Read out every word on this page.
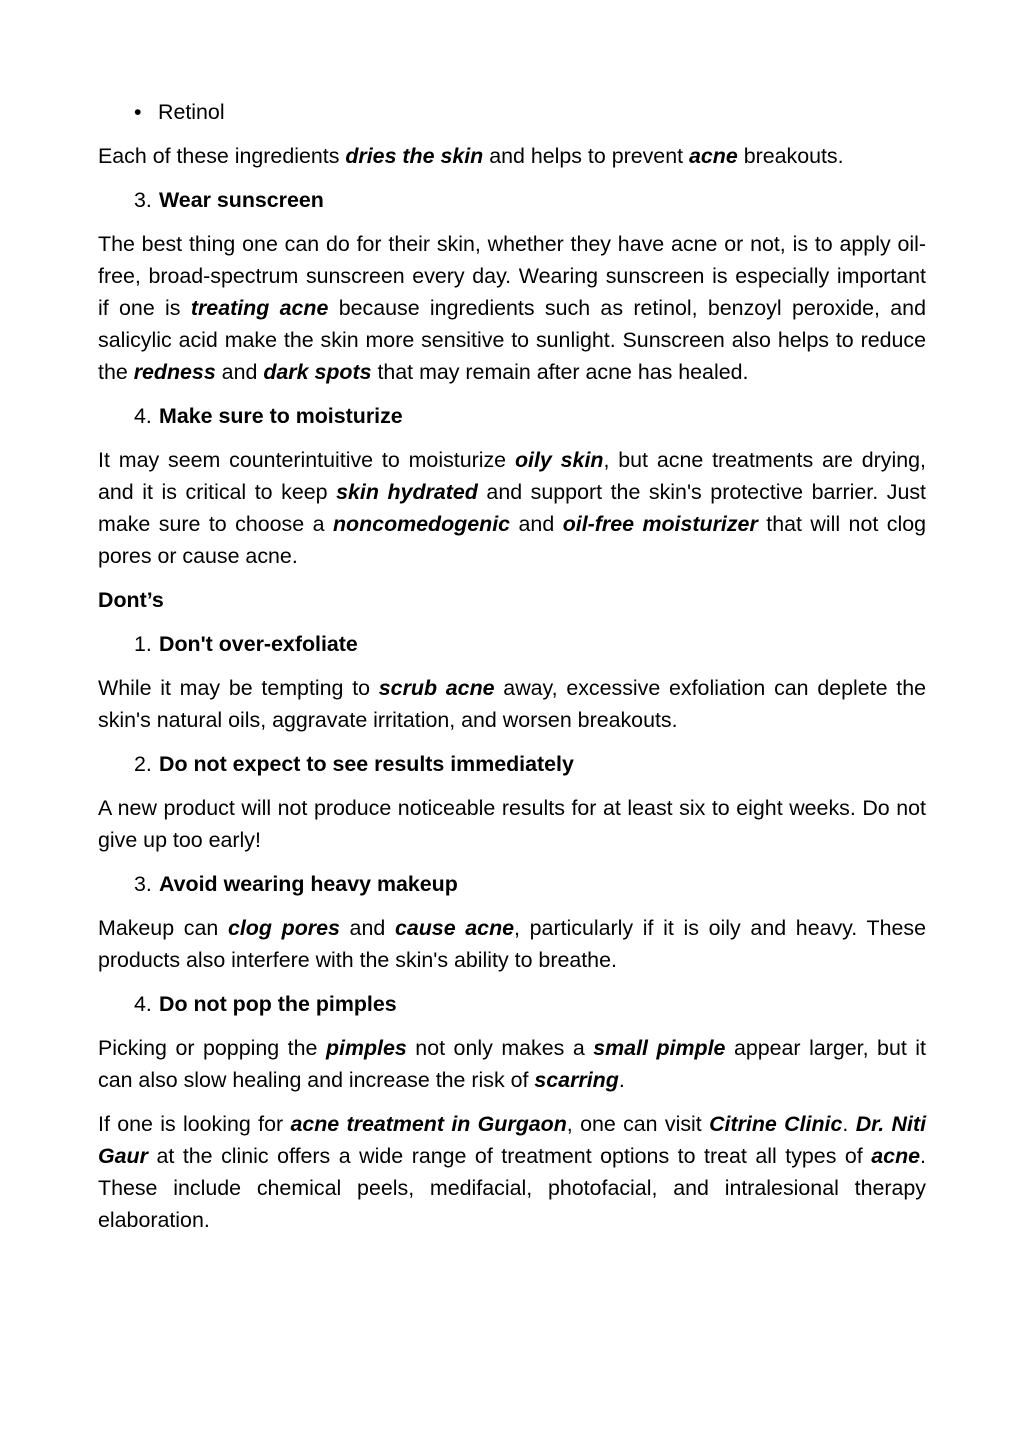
• Retinol

Each of these ingredients dries the skin and helps to prevent acne breakouts.

3. Wear sunscreen

The best thing one can do for their skin, whether they have acne or not, is to apply oil-free, broad-spectrum sunscreen every day. Wearing sunscreen is especially important if one is treating acne because ingredients such as retinol, benzoyl peroxide, and salicylic acid make the skin more sensitive to sunlight. Sunscreen also helps to reduce the redness and dark spots that may remain after acne has healed.

4. Make sure to moisturize

It may seem counterintuitive to moisturize oily skin, but acne treatments are drying, and it is critical to keep skin hydrated and support the skin's protective barrier. Just make sure to choose a noncomedogenic and oil-free moisturizer that will not clog pores or cause acne.

Dont’s
1. Don't over-exfoliate

While it may be tempting to scrub acne away, excessive exfoliation can deplete the skin's natural oils, aggravate irritation, and worsen breakouts.

2. Do not expect to see results immediately

A new product will not produce noticeable results for at least six to eight weeks. Do not give up too early!

3. Avoid wearing heavy makeup

Makeup can clog pores and cause acne, particularly if it is oily and heavy. These products also interfere with the skin's ability to breathe.

4. Do not pop the pimples

Picking or popping the pimples not only makes a small pimple appear larger, but it can also slow healing and increase the risk of scarring.

If one is looking for acne treatment in Gurgaon, one can visit Citrine Clinic. Dr. Niti Gaur at the clinic offers a wide range of treatment options to treat all types of acne. These include chemical peels, medifacial, photofacial, and intralesional therapy elaboration.
